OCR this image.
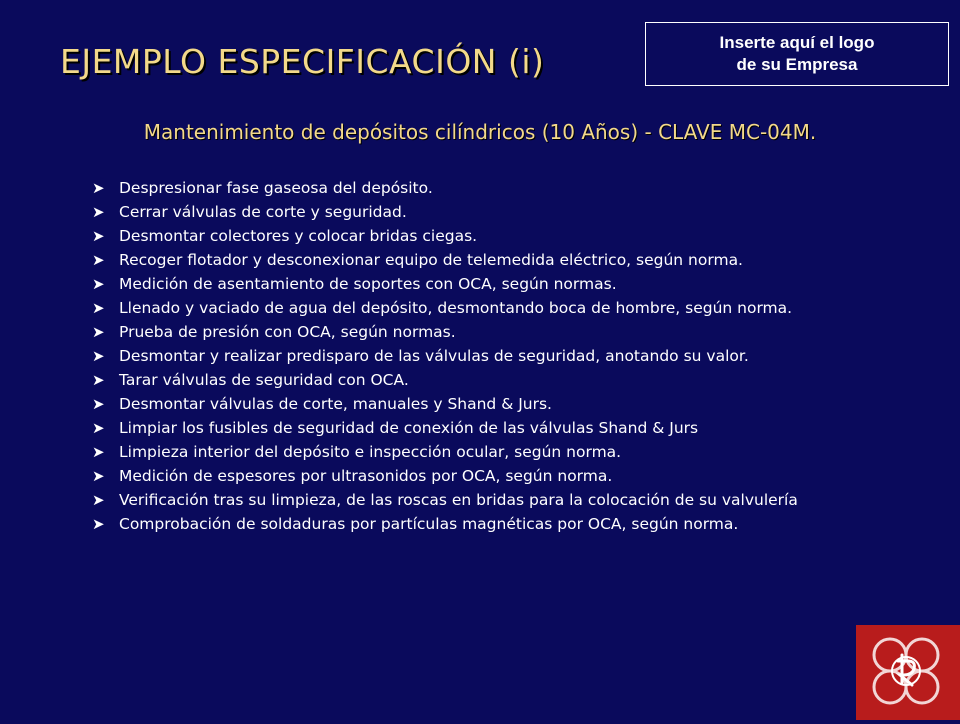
EJEMPLO ESPECIFICACIÓN (i)	Inserte aquí el logo
de su Empresa
Mantenimiento de depósitos cilíndricos (10 Años) - CLAVE MC-04M.
➤ Despresionar fase gaseosa del depósito.
➤ Cerrar válvulas de corte y seguridad.
➤ Desmontar colectores y colocar bridas ciegas.
➤ Recoger flotador y desconexionar equipo de telemedida eléctrico, según norma.
➤ Medición de asentamiento de soportes con OCA, según normas.
➤ Llenado y vaciado de agua del depósito, desmontando boca de hombre, según norma.
➤ Prueba de presión con OCA, según normas.
➤ Desmontar y realizar predisparo de las válvulas de seguridad, anotando su valor.
➤ Tarar válvulas de seguridad con OCA.
➤ Desmontar válvulas de corte, manuales y Shand & Jurs.
➤ Limpiar los fusibles de seguridad de conexión de las válvulas Shand & Jurs
➤ Limpieza interior del depósito e inspección ocular, según norma.
➤ Medición de espesores por ultrasonidos por OCA, según norma.
➤ Verificación tras su limpieza, de las roscas en bridas para la colocación de su valvulería
➤ Comprobación de soldaduras por partículas magnéticas por OCA, según norma.
